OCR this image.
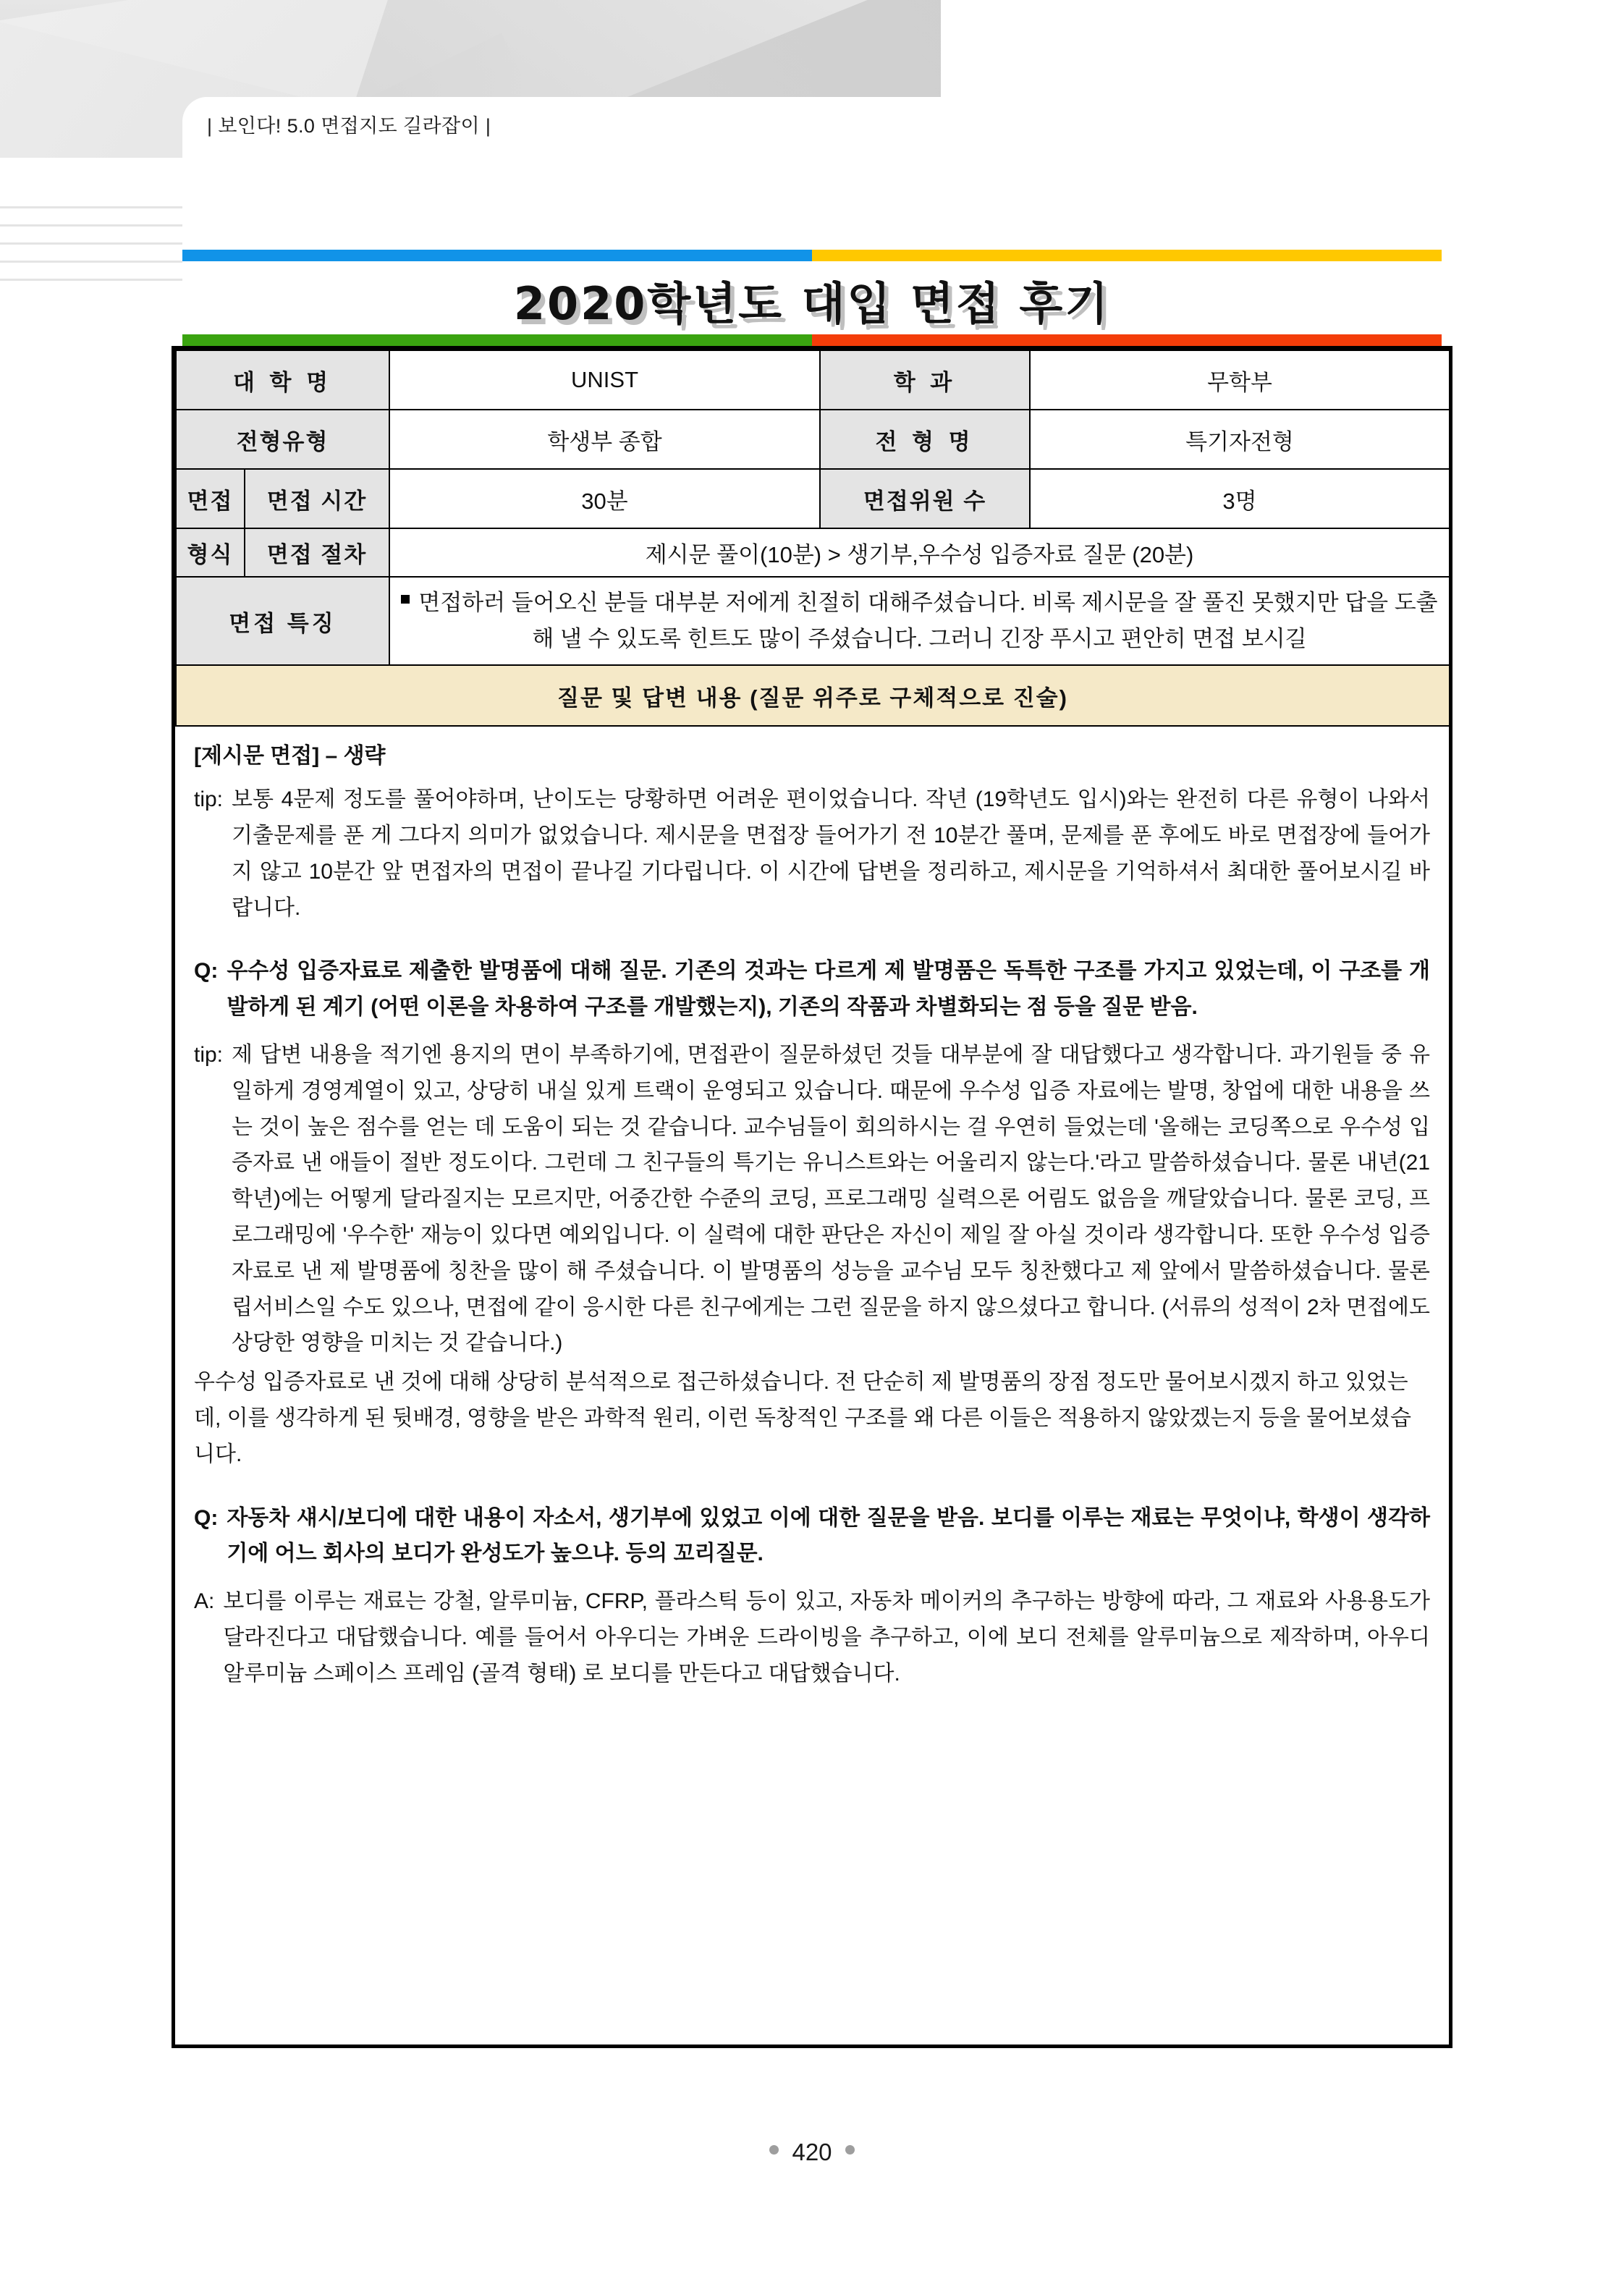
| 보인다! 5.0 면접지도 길라잡이 |
2020학년도 대입 면접 후기
대 학 명		UNIST	학 과	무학부
전형유형		학생부 종합	전 형 명	특기자전형
면접	면접 시간	30분	면접위원 수	3명
형식	면접 절차	제시문 풀이(10분) > 생기부,우수성 입증자료 질문 (20분)		
면접 특징		면접하러 들어오신 분들 대부분 저에게 친절히 대해주셨습니다. 비록 제시문을 잘 풀진 못했지만 답을 도출해 낼 수 있도록 힌트도 많이 주셨습니다. 그러니 긴장 푸시고 편안히 면접 보시길		
질문 및 답변 내용 (질문 위주로 구체적으로 진술)				
[제시문 면접] – 생략
tip: 보통 4문제 정도를 풀어야하며, 난이도는 당황하면 어려운 편이었습니다. 작년 (19학년도 입시)와는 완전히 다른 유형이 나와서 기출문제를 푼 게 그다지 의미가 없었습니다. 제시문을 면접장 들어가기 전 10분간 풀며, 문제를 푼 후에도 바로 면접장에 들어가지 않고 10분간 앞 면접자의 면접이 끝나길 기다립니다. 이 시간에 답변을 정리하고, 제시문을 기억하셔서 최대한 풀어보시길 바랍니다.
Q: 우수성 입증자료로 제출한 발명품에 대해 질문. 기존의 것과는 다르게 제 발명품은 독특한 구조를 가지고 있었는데, 이 구조를 개발하게 된 계기 (어떤 이론을 차용하여 구조를 개발했는지), 기존의 작품과 차별화되는 점 등을 질문 받음.
tip: 제 답변 내용을 적기엔 용지의 면이 부족하기에, 면접관이 질문하셨던 것들 대부분에 잘 대답했다고 생각합니다. 과기원들 중 유일하게 경영계열이 있고, 상당히 내실 있게 트랙이 운영되고 있습니다. 때문에 우수성 입증 자료에는 발명, 창업에 대한 내용을 쓰는 것이 높은 점수를 얻는 데 도움이 되는 것 같습니다. 교수님들이 회의하시는 걸 우연히 들었는데 '올해는 코딩쪽으로 우수성 입증자료 낸 애들이 절반 정도이다. 그런데 그 친구들의 특기는 유니스트와는 어울리지 않는다.'라고 말씀하셨습니다. 물론 내년(21학년)에는 어떻게 달라질지는 모르지만, 어중간한 수준의 코딩, 프로그래밍 실력으론 어림도 없음을 깨달았습니다. 물론 코딩, 프로그래밍에 '우수한' 재능이 있다면 예외입니다. 이 실력에 대한 판단은 자신이 제일 잘 아실 것이라 생각합니다. 또한 우수성 입증자료로 낸 제 발명품에 칭찬을 많이 해 주셨습니다. 이 발명품의 성능을 교수님 모두 칭찬했다고 제 앞에서 말씀하셨습니다. 물론 립서비스일 수도 있으나, 면접에 같이 응시한 다른 친구에게는 그런 질문을 하지 않으셨다고 합니다. (서류의 성적이 2차 면접에도 상당한 영향을 미치는 것 같습니다.)
우수성 입증자료로 낸 것에 대해 상당히 분석적으로 접근하셨습니다. 전 단순히 제 발명품의 장점 정도만 물어보시겠지 하고 있었는데, 이를 생각하게 된 뒷배경, 영향을 받은 과학적 원리, 이런 독창적인 구조를 왜 다른 이들은 적용하지 않았겠는지 등을 물어보셨습니다.
Q: 자동차 섀시/보디에 대한 내용이 자소서, 생기부에 있었고 이에 대한 질문을 받음. 보디를 이루는 재료는 무엇이냐, 학생이 생각하기에 어느 회사의 보디가 완성도가 높으냐. 등의 꼬리질문.
A: 보디를 이루는 재료는 강철, 알루미늄, CFRP, 플라스틱 등이 있고, 자동차 메이커의 추구하는 방향에 따라, 그 재료와 사용용도가 달라진다고 대답했습니다. 예를 들어서 아우디는 가벼운 드라이빙을 추구하고, 이에 보디 전체를 알루미늄으로 제작하며, 아우디 알루미늄 스페이스 프레임 (골격 형태) 로 보디를 만든다고 대답했습니다.
420
